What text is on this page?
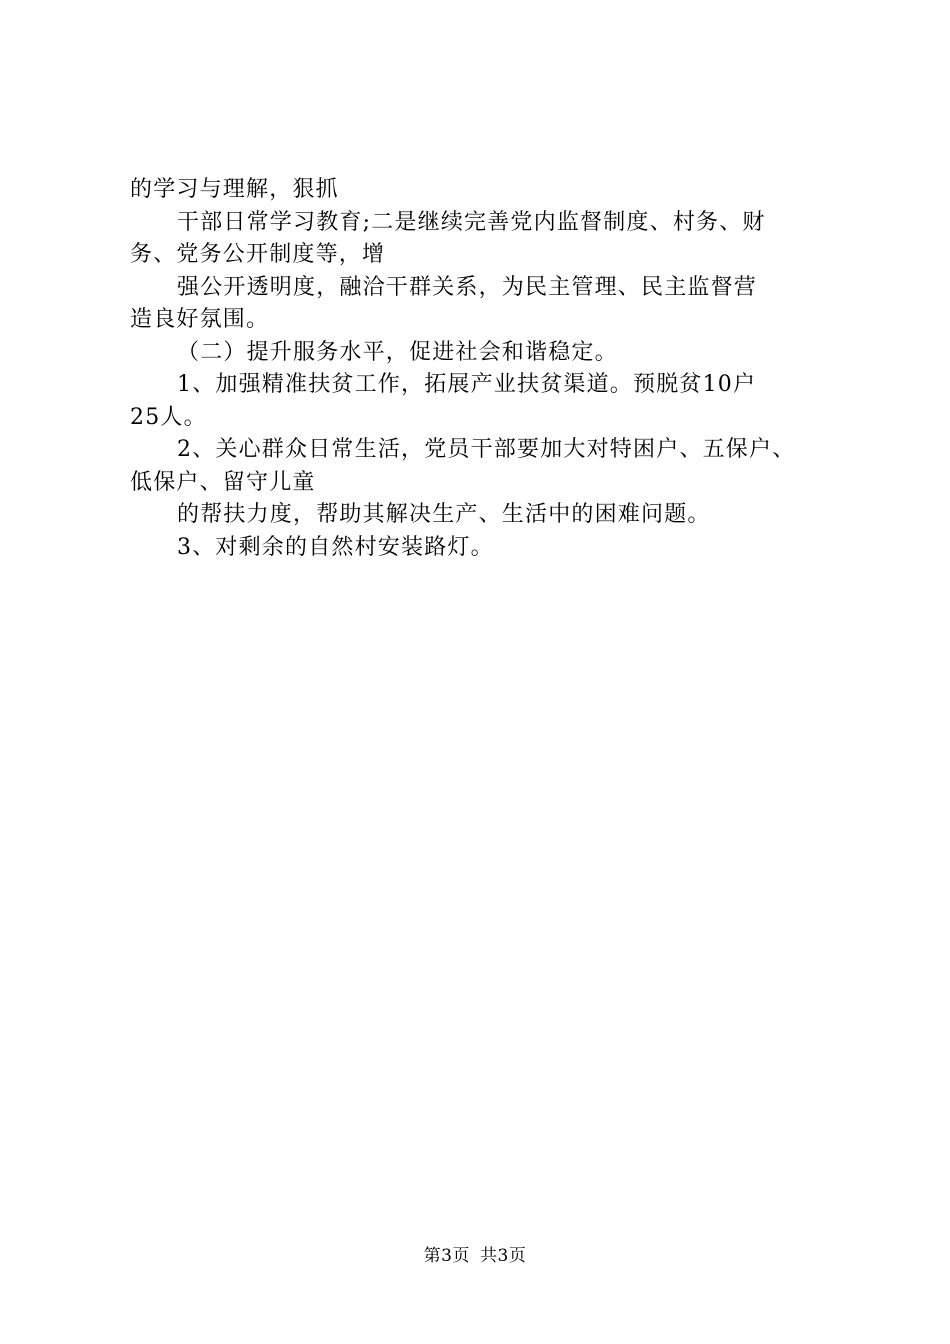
的学习与理解，狠抓
干部日常学习教育;二是继续完善党内监督制度、村务、财
务、党务公开制度等，增
强公开透明度，融洽干群关系，为民主管理、民主监督营
造良好氛围。
（二）提升服务水平，促进社会和谐稳定。
1、加强精准扶贫工作，拓展产业扶贫渠道。预脱贫10户
25人。
2、关心群众日常生活，党员干部要加大对特困户、五保户、
低保户、留守儿童
的帮扶力度，帮助其解决生产、生活中的困难问题。
3、对剩余的自然村安装路灯。
第3页 共3页
